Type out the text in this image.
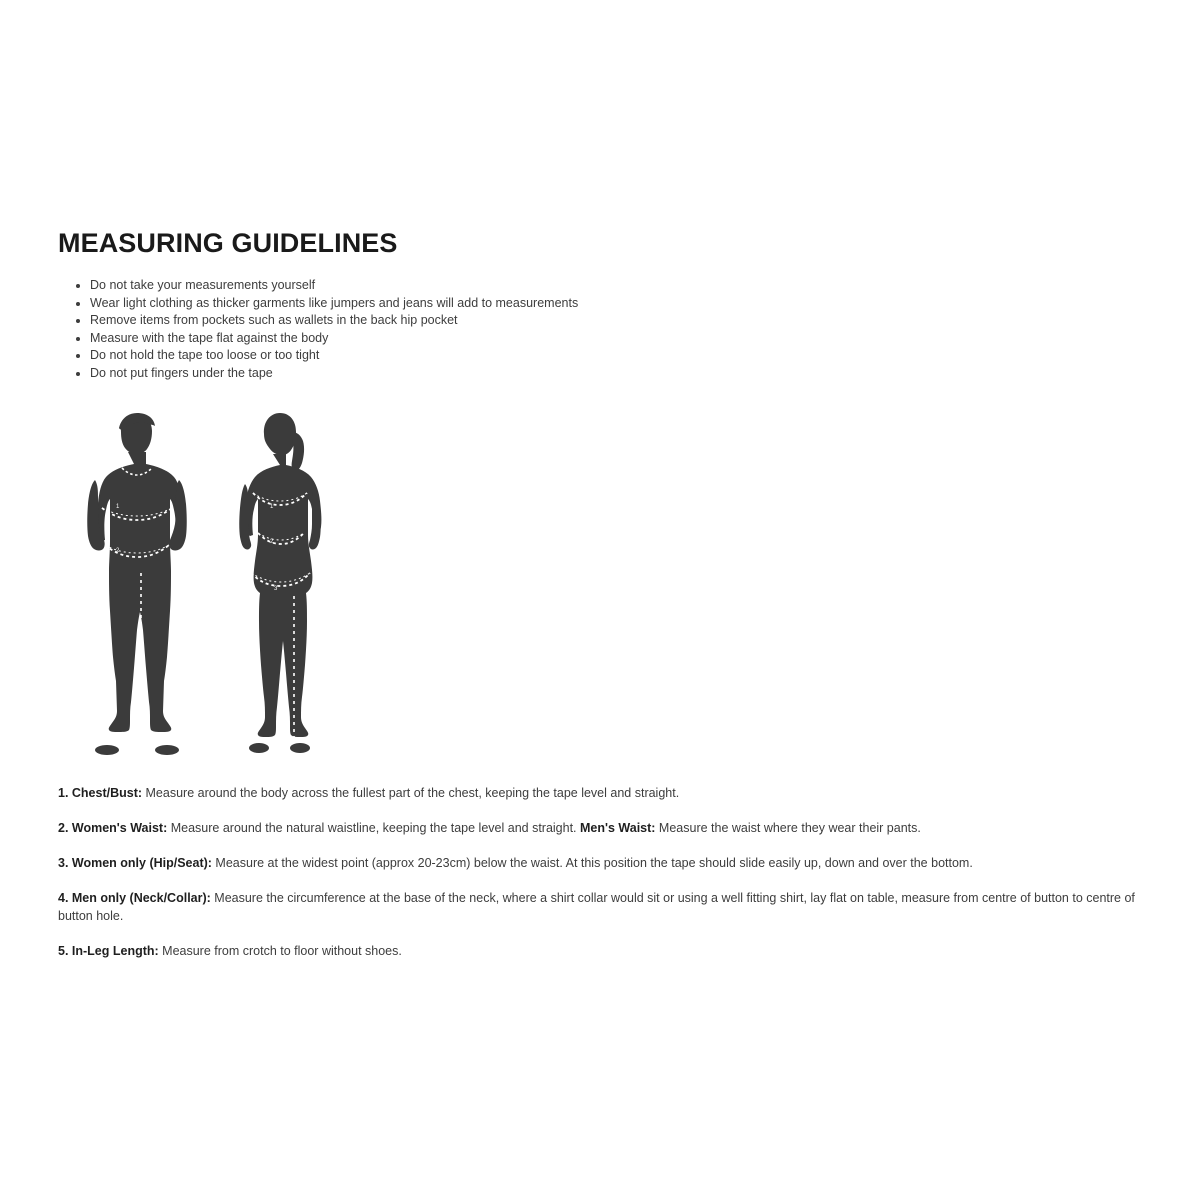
MEASURING GUIDELINES
• Do not take your measurements yourself
• Wear light clothing as thicker garments like jumpers and jeans will add to measurements
• Remove items from pockets such as wallets in the back hip pocket
• Measure with the tape flat against the body
• Do not hold the tape too loose or too tight
• Do not put fingers under the tape
4
1
2
5
1
2
3
5

1. Chest/Bust: Measure around the body across the fullest part of the chest, keeping the tape level and straight.

2. Women's Waist: Measure around the natural waistline, keeping the tape level and straight. Men's Waist: Measure the waist where they wear their pants.

3. Women only (Hip/Seat): Measure at the widest point (approx 20-23cm) below the waist. At this position the tape should slide easily up, down and over the bottom.

4. Men only (Neck/Collar): Measure the circumference at the base of the neck, where a shirt collar would sit or using a well fitting shirt, lay flat on table, measure from centre of button to centre of button hole.

5. In-Leg Length: Measure from crotch to floor without shoes.
